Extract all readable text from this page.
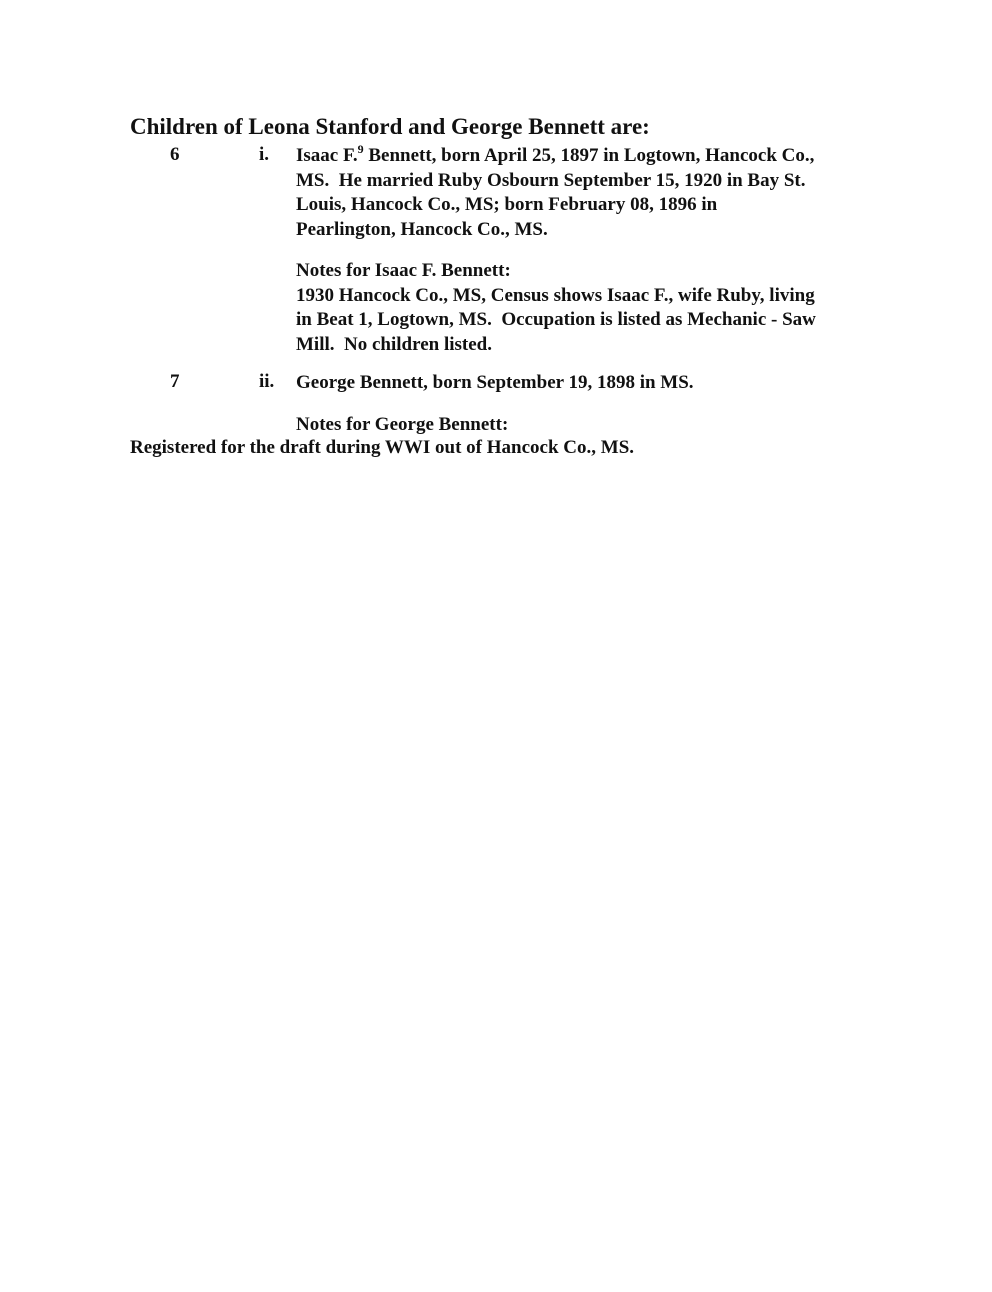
Children of Leona Stanford and George Bennett are:
6	i. Isaac F.$^9$ Bennett, born April 25, 1897 in Logtown, Hancock Co.,
MS.  He married Ruby Osbourn September 15, 1920 in Bay St.
Louis, Hancock Co., MS; born February 08, 1896 in
Pearlington, Hancock Co., MS.
Notes for Isaac F. Bennett:
1930 Hancock Co., MS, Census shows Isaac F., wife Ruby, living
in Beat 1, Logtown, MS.  Occupation is listed as Mechanic - Saw
Mill.  No children listed.
7	ii. George Bennett, born September 19, 1898 in MS.
Notes for George Bennett:
Registered for the draft during WWI out of Hancock Co., MS.
